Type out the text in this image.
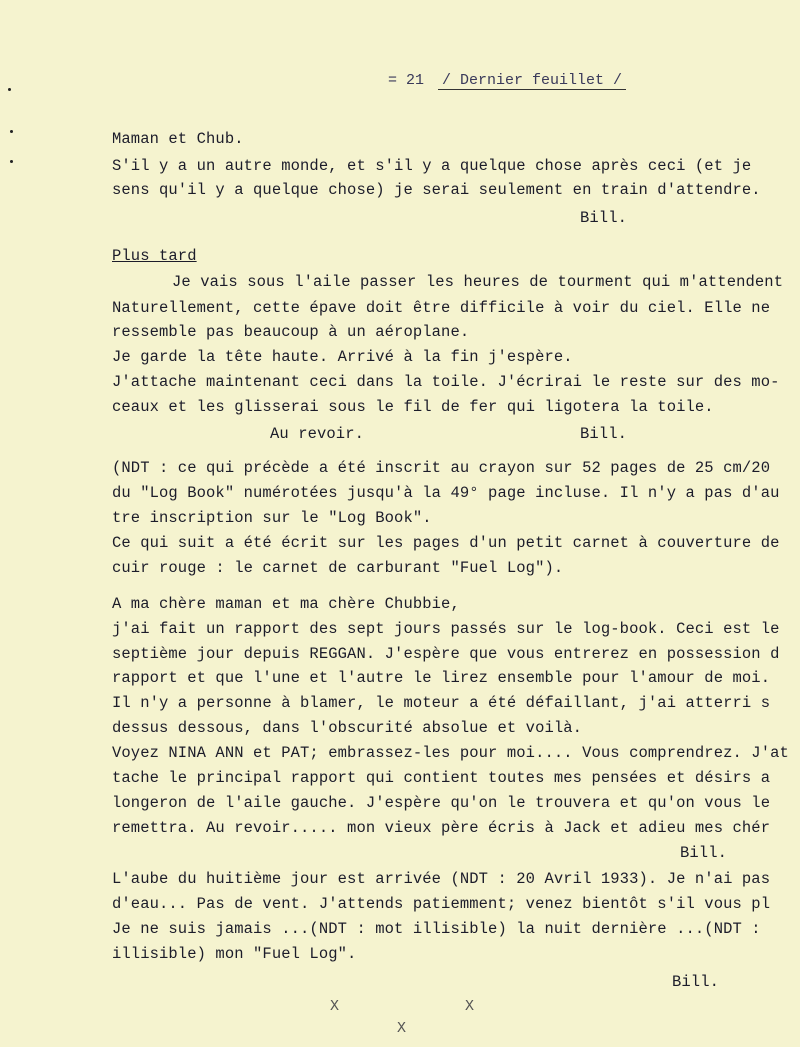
= 21 / Dernier feuillet /
Maman et Chub.
S'il y a un autre monde, et s'il y a quelque chose après ceci (et je
sens qu'il y a quelque chose) je serai seulement en train d'attendre.
Bill.
Plus tard
Je vais sous l'aile passer les heures de tourment qui m'attendent
Naturellement, cette épave doit être difficile à voir du ciel. Elle ne
ressemble pas beaucoup à un aéroplane.
Je garde la tête haute. Arrivé à la fin j'espère.
J'attache maintenant ceci dans la toile. J'écrirai le reste sur des mo-
ceaux et les glisserai sous le fil de fer qui ligotera la toile.
Au revoir.	Bill.
(NDT : ce qui précède a été inscrit au crayon sur 52 pages de 25 cm/20
du "Log Book" numérotées jusqu'à la 49° page incluse. Il n'y a pas d'au
tre inscription sur le "Log Book".
Ce qui suit a été écrit sur les pages d'un petit carnet à couverture de
cuir rouge : le carnet de carburant "Fuel Log").
A ma chère maman et ma chère Chubbie,
j'ai fait un rapport des sept jours passés sur le log-book. Ceci est le
septième jour depuis REGGAN. J'espère que vous entrerez en possession d
rapport et que l'une et l'autre le lirez ensemble pour l'amour de moi.
Il n'y a personne à blamer, le moteur a été défaillant, j'ai atterri s
dessus dessous, dans l'obscurité absolue et voilà.
Voyez NINA ANN et PAT; embrassez-les pour moi.... Vous comprendrez. J'at
tache le principal rapport qui contient toutes mes pensées et désirs a
longeron de l'aile gauche. J'espère qu'on le trouvera et qu'on vous le
remettra. Au revoir..... mon vieux père écris à Jack et adieu mes chér
Bill.
L'aube du huitième jour est arrivée (NDT : 20 Avril 1933). Je n'ai pas
d'eau... Pas de vent. J'attends patiemment; venez bientôt s'il vous pl
Je ne suis jamais ...(NDT : mot illisible) la nuit dernière ...(NDT :
illisible) mon "Fuel Log".
Bill.
X	X
X
